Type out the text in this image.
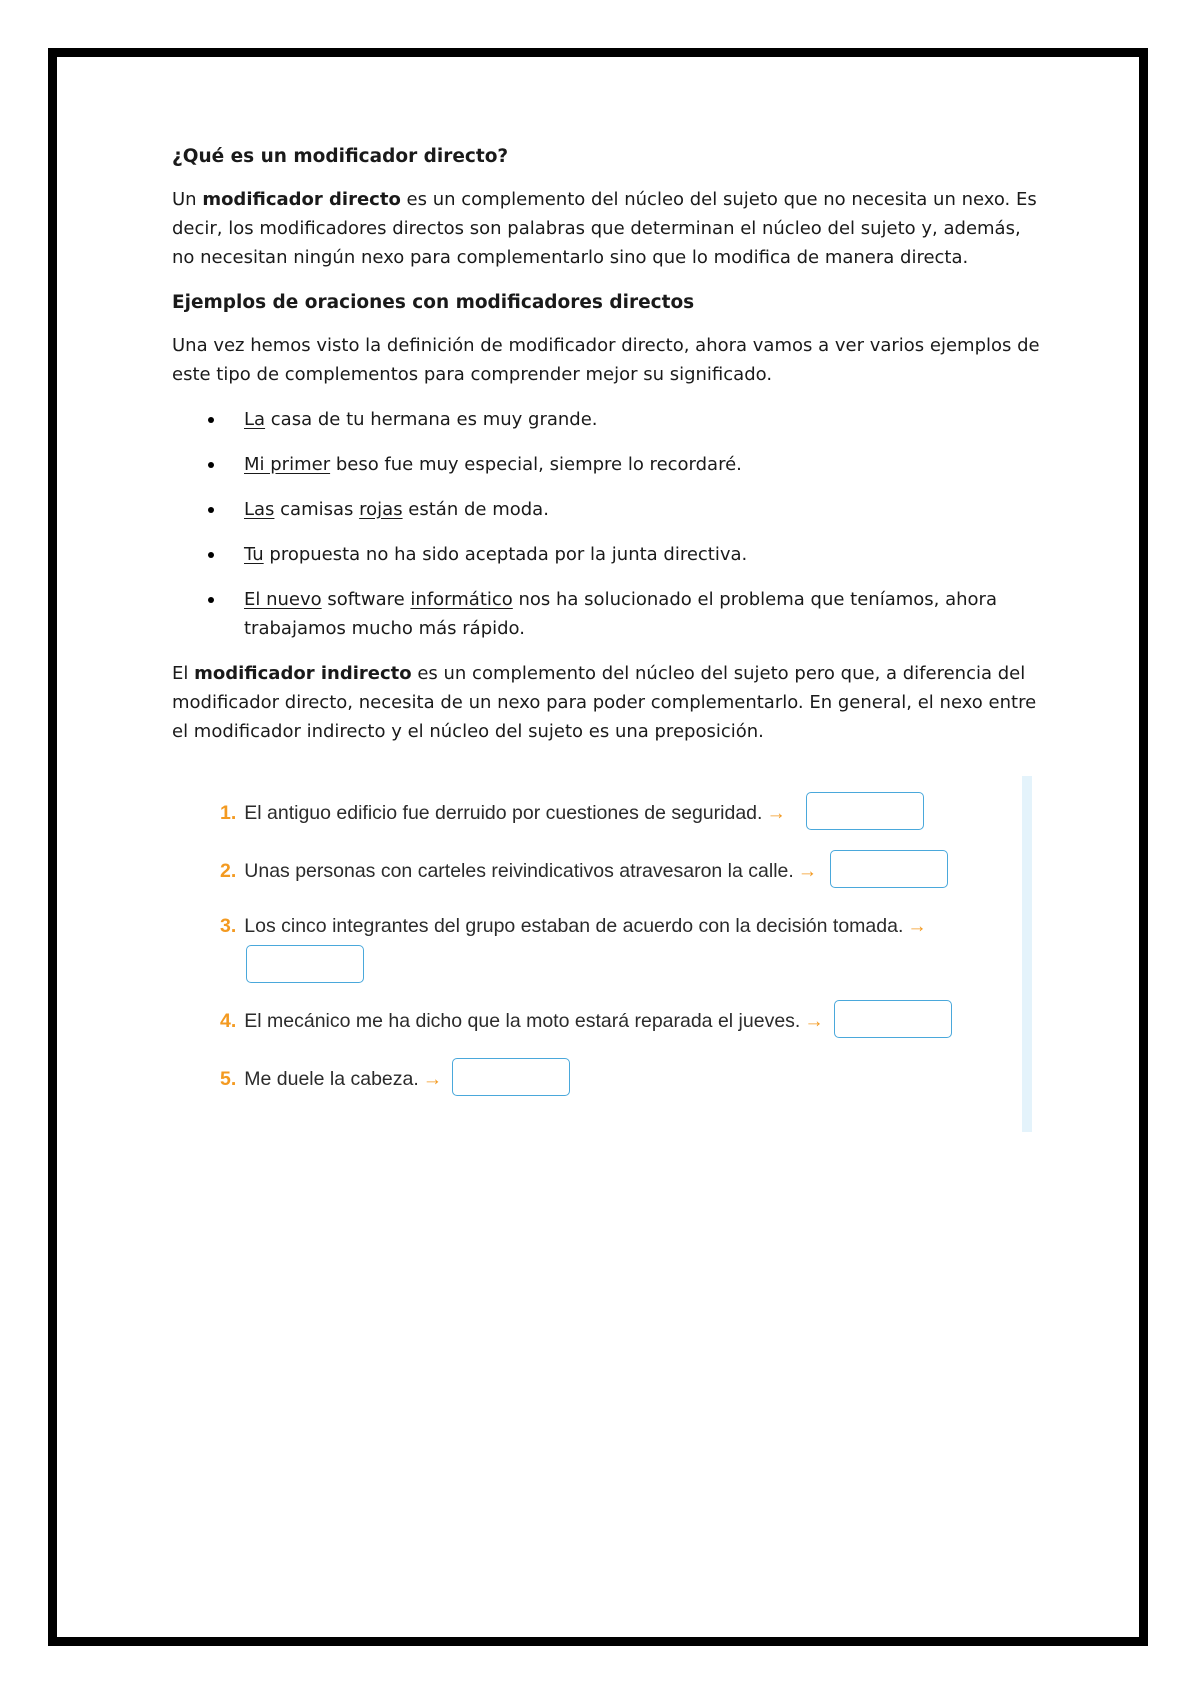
¿Qué es un modificador directo?

Un modificador directo es un complemento del núcleo del sujeto que no necesita un nexo. Es decir, los modificadores directos son palabras que determinan el núcleo del sujeto y, además, no necesitan ningún nexo para complementarlo sino que lo modifica de manera directa.

Ejemplos de oraciones con modificadores directos

Una vez hemos visto la definición de modificador directo, ahora vamos a ver varios ejemplos de este tipo de complementos para comprender mejor su significado.

La casa de tu hermana es muy grande.
Mi primer beso fue muy especial, siempre lo recordaré.
Las camisas rojas están de moda.
Tu propuesta no ha sido aceptada por la junta directiva.
El nuevo software informático nos ha solucionado el problema que teníamos, ahora trabajamos mucho más rápido.

El modificador indirecto es un complemento del núcleo del sujeto pero que, a diferencia del modificador directo, necesita de un nexo para poder complementarlo. En general, el nexo entre el modificador indirecto y el núcleo del sujeto es una preposición.

1. El antiguo edificio fue derruido por cuestiones de seguridad. →
2. Unas personas con carteles reivindicativos atravesaron la calle. →
3. Los cinco integrantes del grupo estaban de acuerdo con la decisión tomada. →
4. El mecánico me ha dicho que la moto estará reparada el jueves. →
5. Me duele la cabeza. →
